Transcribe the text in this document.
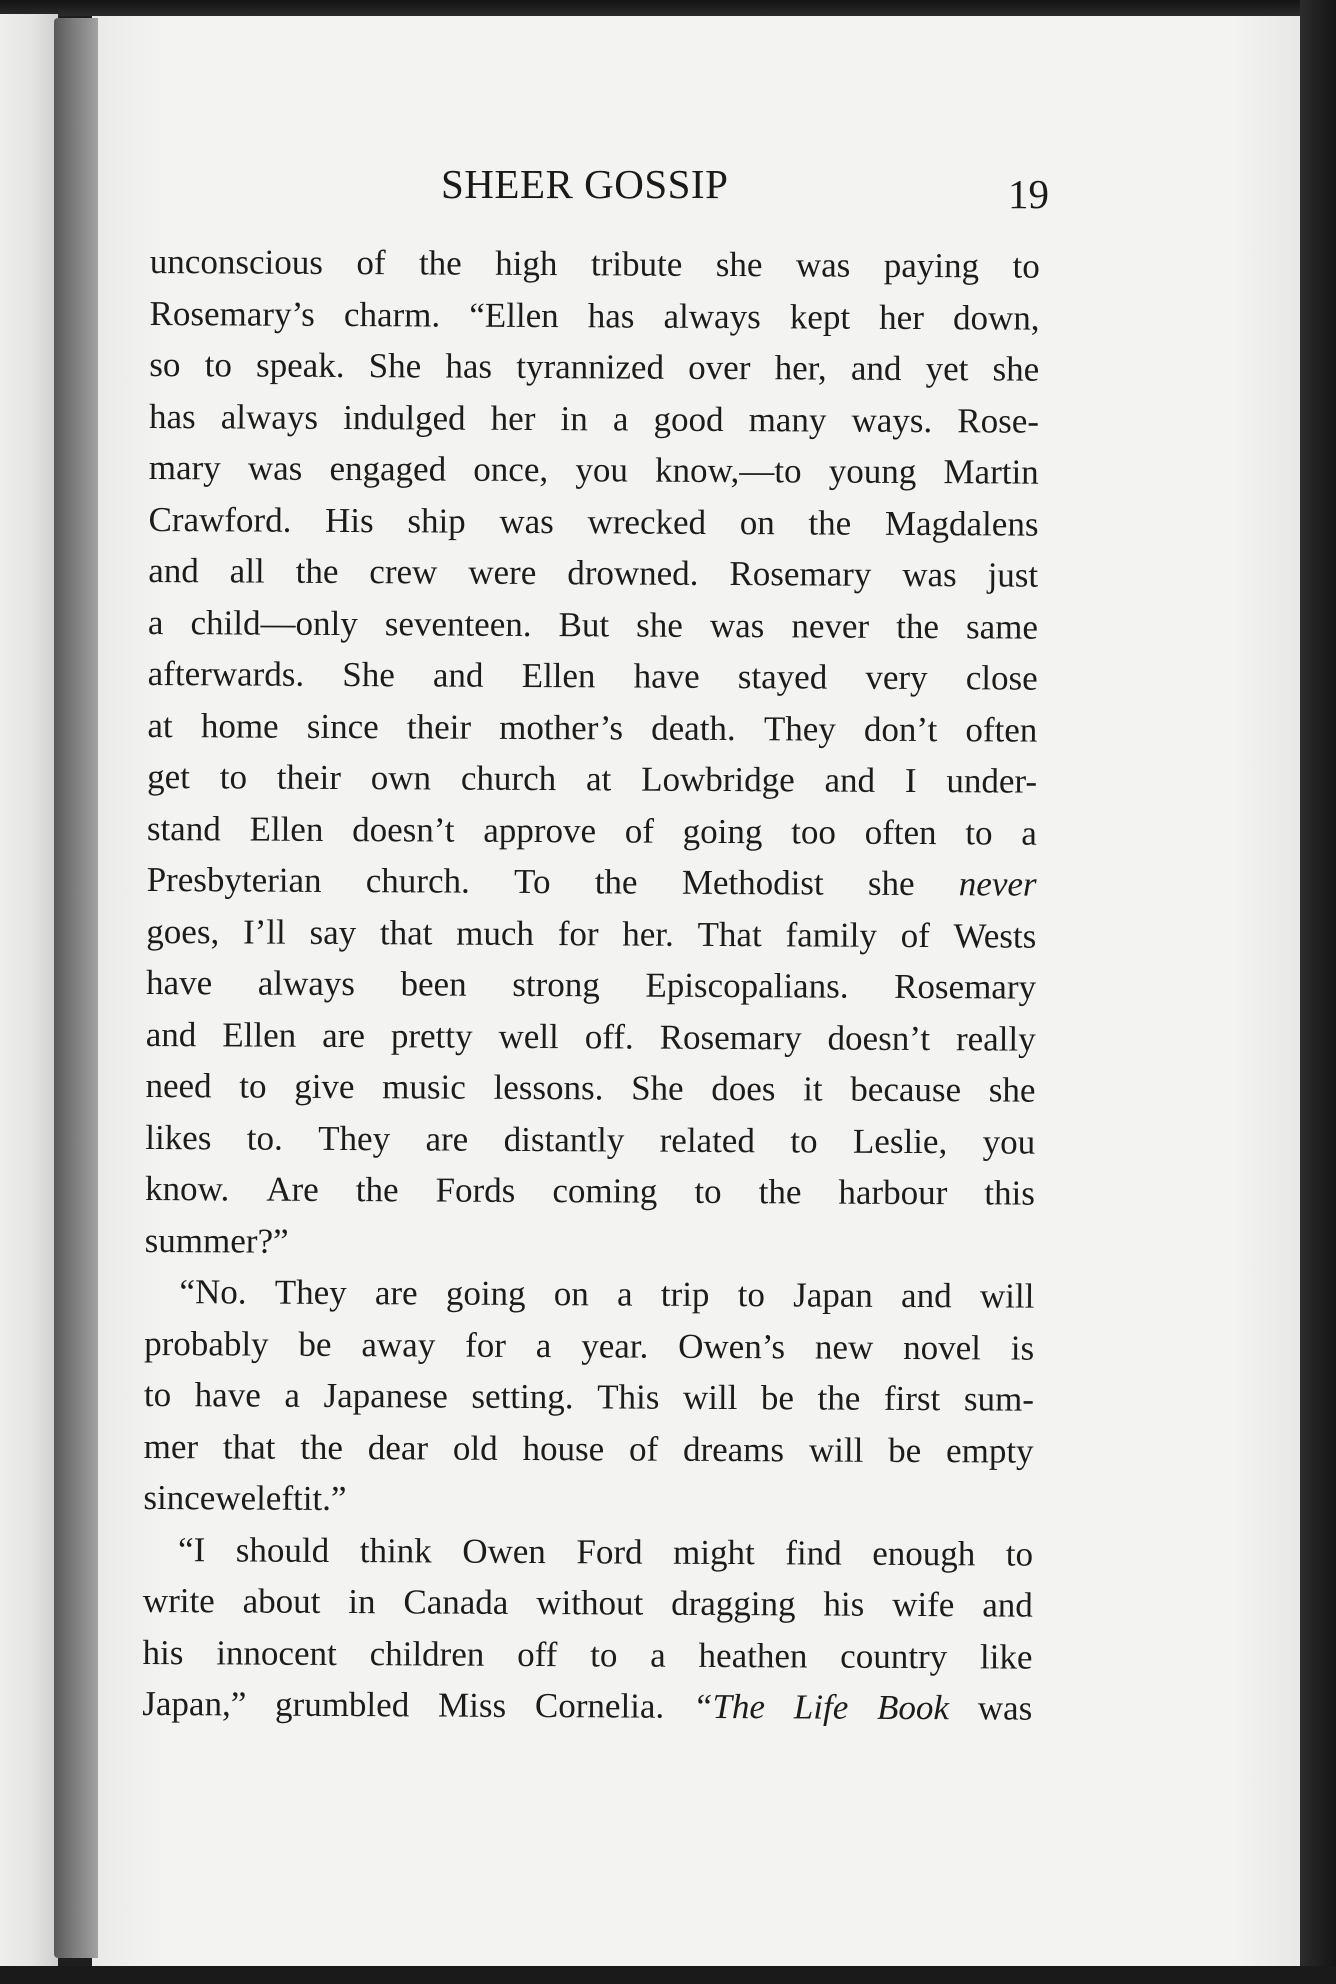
SHEER GOSSIP	19
unconscious of the high tribute she was paying to
Rosemary’s charm. “Ellen has always kept her down,
so to speak. She has tyrannized over her, and yet she
has always indulged her in a good many ways. Rose-
mary was engaged once, you know,—to young Martin
Crawford. His ship was wrecked on the Magdalens
and all the crew were drowned. Rosemary was just
a child—only seventeen. But she was never the same
afterwards. She and Ellen have stayed very close
at home since their mother’s death. They don’t often
get to their own church at Lowbridge and I under-
stand Ellen doesn’t approve of going too often to a
Presbyterian church. To the Methodist she never
goes, I’ll say that much for her. That family of Wests
have always been strong Episcopalians. Rosemary
and Ellen are pretty well off. Rosemary doesn’t really
need to give music lessons. She does it because she
likes to. They are distantly related to Leslie, you
know. Are the Fords coming to the harbour this
summer?”
“No. They are going on a trip to Japan and will
probably be away for a year. Owen’s new novel is
to have a Japanese setting. This will be the first sum-
mer that the dear old house of dreams will be empty
sinceweleftit.”
“I should think Owen Ford might find enough to
write about in Canada without dragging his wife and
his innocent children off to a heathen country like
Japan,” grumbled Miss Cornelia. “The Life Book was
